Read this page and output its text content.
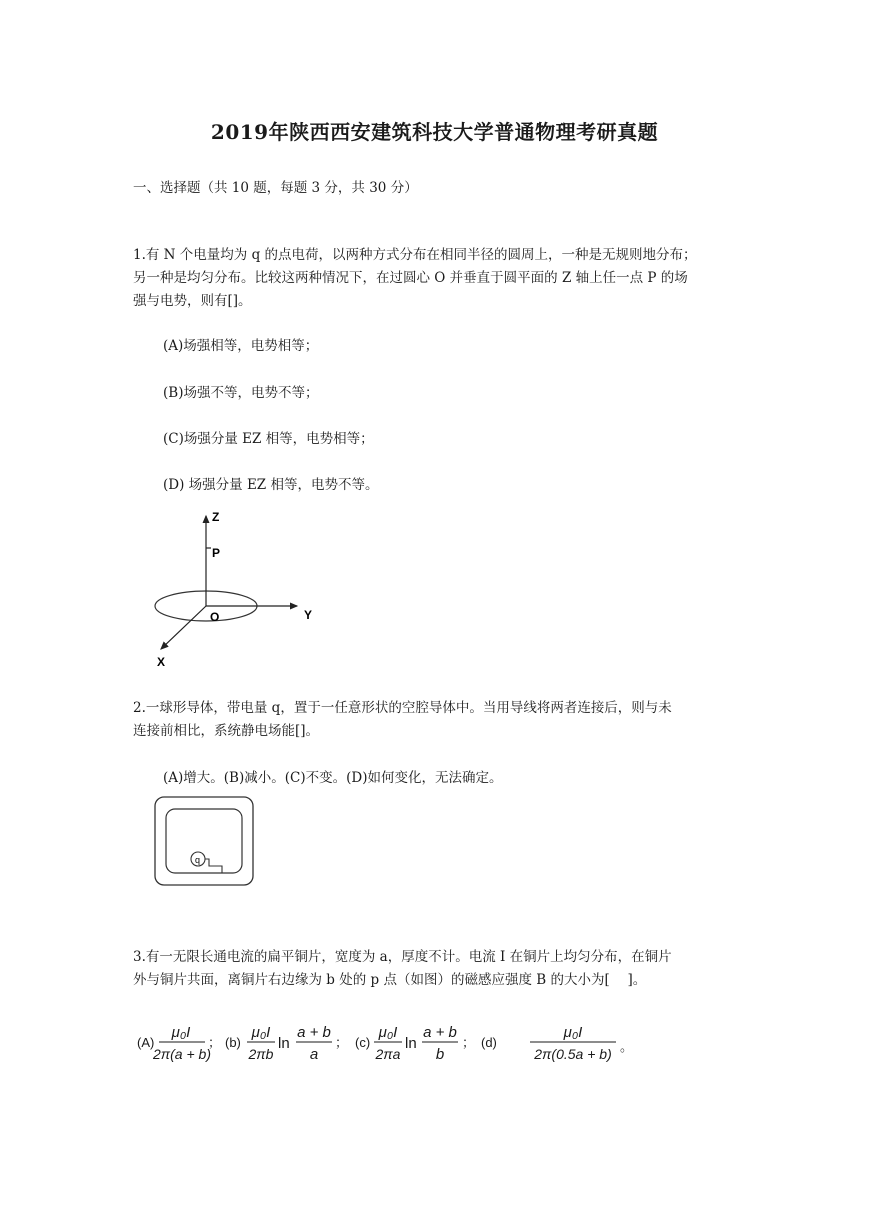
2019年陕西西安建筑科技大学普通物理考研真题
一、选择题（共 10 题，每题 3 分，共 30 分）
1.有 N 个电量均为 q 的点电荷，以两种方式分布在相同半径的圆周上，一种是无规则地分布；
另一种是均匀分布。比较这两种情况下，在过圆心 O 并垂直于圆平面的 Z 轴上任一点 P 的场
强与电势，则有[]。
(A)场强相等，电势相等；
(B)场强不等，电势不等；
(C)场强分量 EZ 相等，电势相等；
(D) 场强分量 EZ 相等，电势不等。
Z
P
O	Y
X
2.一球形导体，带电量 q，置于一任意形状的空腔导体中。当用导线将两者连接后，则与未
连接前相比，系统静电场能[]。
(A)增大。(B)减小。(C)不变。(D)如何变化，无法确定。
q
3.有一无限长通电流的扁平铜片，宽度为 a，厚度不计。电流 I 在铜片上均匀分布，在铜片
外与铜片共面，离铜片右边缘为 b 处的 p 点（如图）的磁感应强度 B 的大小为[　 ]。
(A)
μ₀I
2π(a + b)
； (b)
μ₀I
2πb
ln
a + b
a
； (c)
μ₀I
2πa
ln
a + b
b
； (d)
μ₀I
2π(0.5a + b) 。
